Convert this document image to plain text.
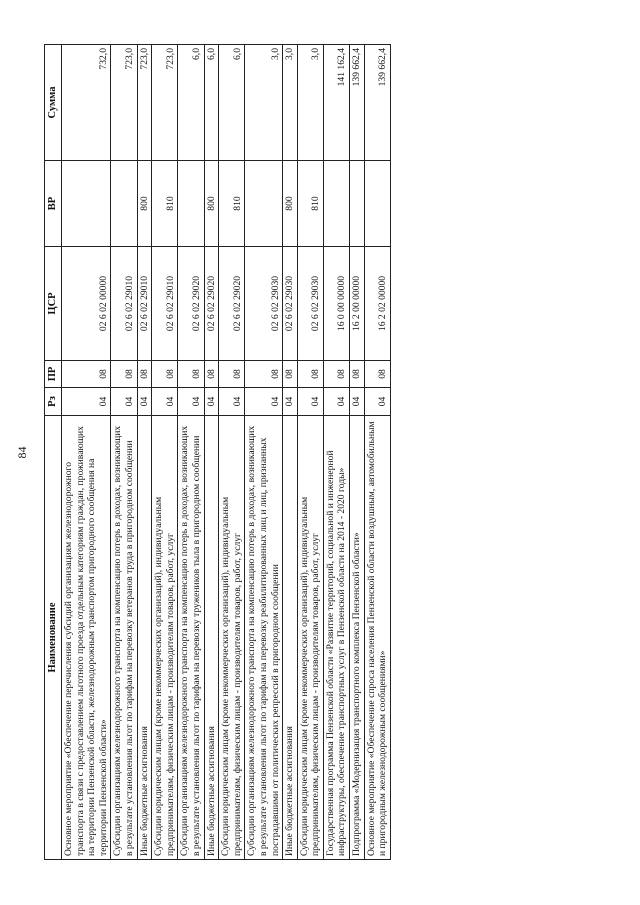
84
Наименование	Рз	ПР	ЦСР	ВР	Сумма
Основное мероприятие «Обеспечение перечисления субсидий организациям железнодорожного транспорта в связи с предоставлением льготного проезда отдельным категориям граждан, проживающих на территории Пензенской области, железнодорожным транспортом пригородного сообщения на территории Пензенской области»	04	08	02 6 02 00000		732,0
Субсидии организациям железнодорожного транспорта на компенсацию потерь в доходах, возникающих в результате установления льгот по тарифам на перевозку ветеранов труда в пригородном сообщении	04	08	02 6 02 29010		723,0
Иные бюджетные ассигнования	04	08	02 6 02 29010	800	723,0
Субсидии юридическим лицам (кроме некоммерческих организаций), индивидуальным предпринимателям, физическим лицам - производителям товаров, работ, услуг	04	08	02 6 02 29010	810	723,0
Субсидии организациям железнодорожного транспорта на компенсацию потерь в доходах, возникающих в результате установления льгот по тарифам на перевозку тружеников тыла в пригородном сообщении	04	08	02 6 02 29020		6,0
Иные бюджетные ассигнования	04	08	02 6 02 29020	800	6,0
Субсидии юридическим лицам (кроме некоммерческих организаций), индивидуальным предпринимателям, физическим лицам - производителям товаров, работ, услуг	04	08	02 6 02 29020	810	6,0
Субсидии организациям железнодорожного транспорта на компенсацию потерь в доходах, возникающих в результате установления льгот по тарифам на перевозку реабилитированных лиц и лиц, признанных пострадавшими от политических репрессий в пригородном сообщении	04	08	02 6 02 29030		3,0
Иные бюджетные ассигнования	04	08	02 6 02 29030	800	3,0
Субсидии юридическим лицам (кроме некоммерческих организаций), индивидуальным предпринимателям, физическим лицам - производителям товаров, работ, услуг	04	08	02 6 02 29030	810	3,0
Государственная программа Пензенской области «Развитие территорий, социальной и инженерной инфраструктуры, обеспечение транспортных услуг в Пензенской области на 2014 - 2020 годы»	04	08	16 0 00 00000		141 162,4
Подпрограмма «Модернизация транспортного комплекса Пензенской области»	04	08	16 2 00 00000		139 662,4
Основное мероприятие «Обеспечение спроса населения Пензенской области воздушным, автомобильным и пригородным железнодорожным сообщениями»	04	08	16 2 02 00000		139 662,4
